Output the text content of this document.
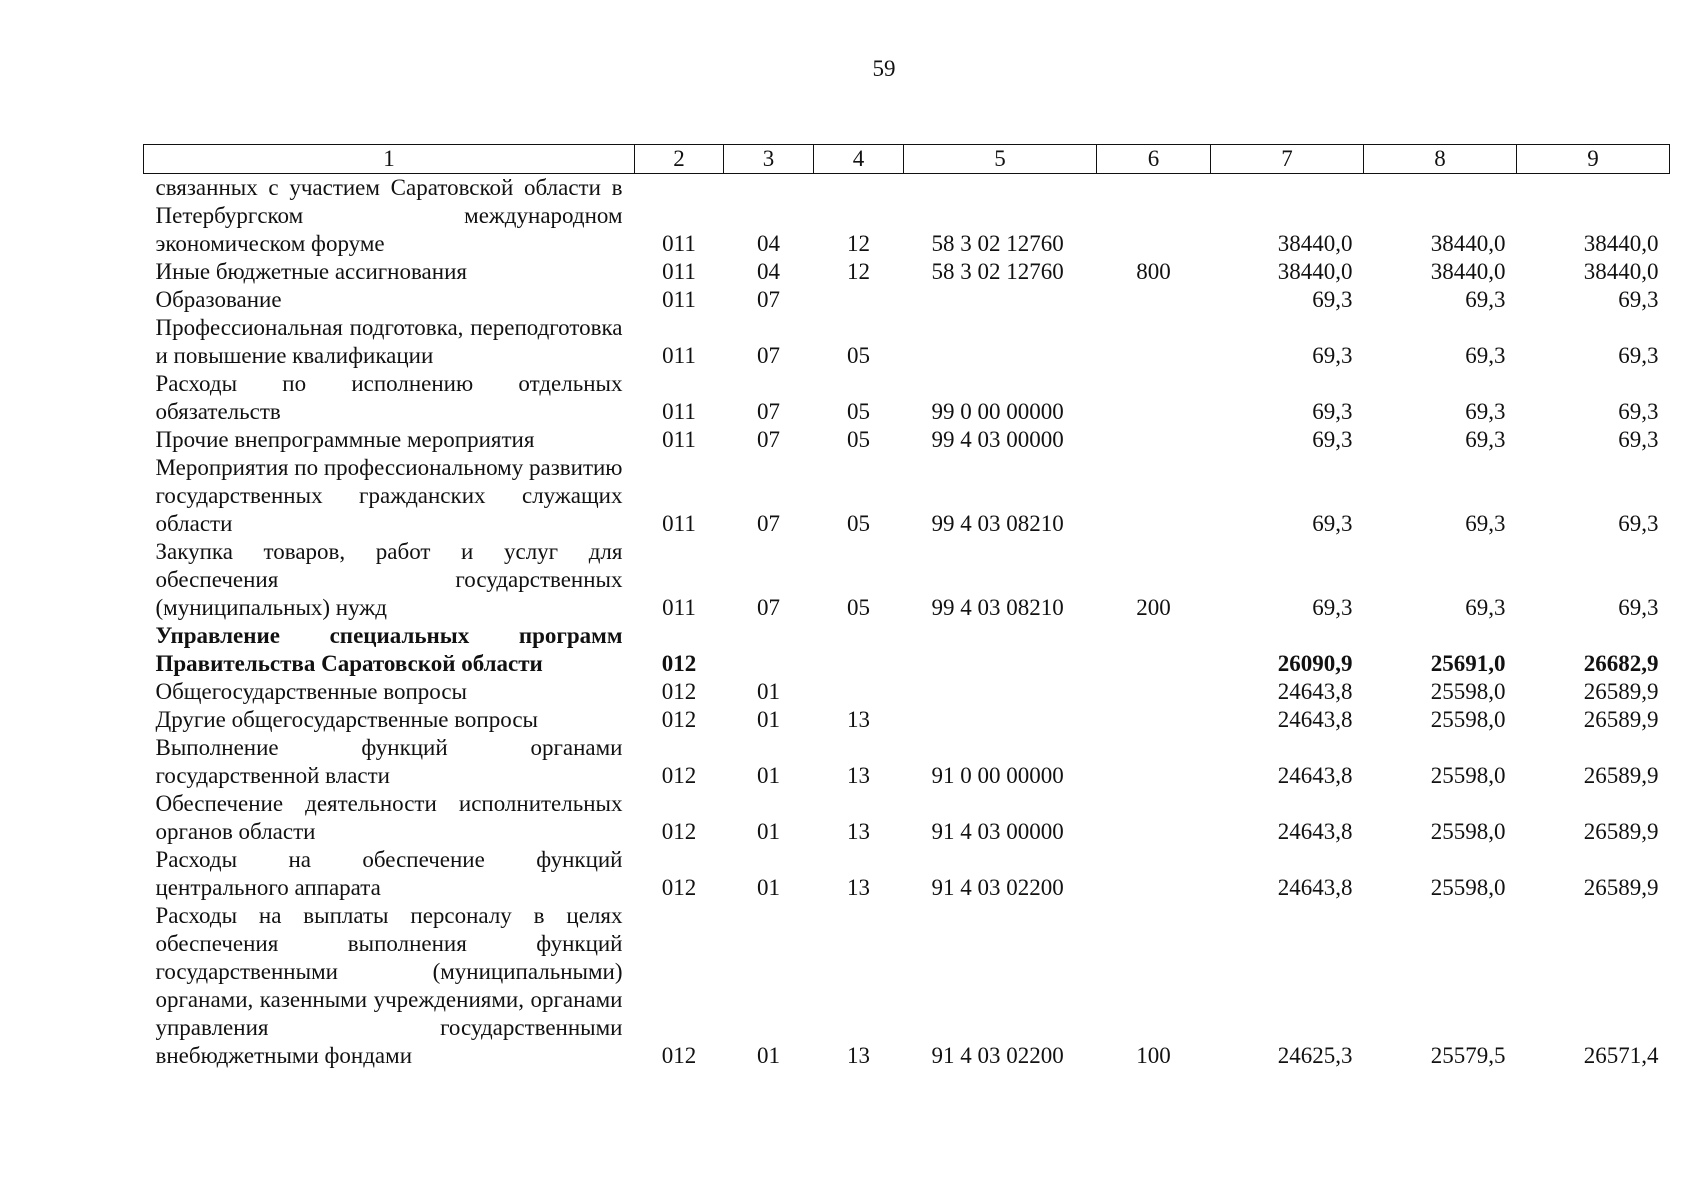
59
1	2	3	4	5	6	7	8	9
связанных с участием Саратовской области в Петербургском международном экономическом форуме	011	04	12	58 3 02 12760		38440,0	38440,0	38440,0
Иные бюджетные ассигнования	011	04	12	58 3 02 12760	800	38440,0	38440,0	38440,0
Образование	011	07				69,3	69,3	69,3
Профессиональная подготовка, переподготовка и повышение квалификации	011	07	05			69,3	69,3	69,3
Расходы по исполнению отдельных обязательств	011	07	05	99 0 00 00000		69,3	69,3	69,3
Прочие внепрограммные мероприятия	011	07	05	99 4 03 00000		69,3	69,3	69,3
Мероприятия по профессиональному развитию государственных гражданских служащих области	011	07	05	99 4 03 08210		69,3	69,3	69,3
Закупка товаров, работ и услуг для обеспечения государственных (муниципальных) нужд	011	07	05	99 4 03 08210	200	69,3	69,3	69,3
Управление специальных программ Правительства Саратовской области	012					26090,9	25691,0	26682,9
Общегосударственные вопросы	012	01				24643,8	25598,0	26589,9
Другие общегосударственные вопросы	012	01	13			24643,8	25598,0	26589,9
Выполнение функций органами государственной власти	012	01	13	91 0 00 00000		24643,8	25598,0	26589,9
Обеспечение деятельности исполнительных органов области	012	01	13	91 4 03 00000		24643,8	25598,0	26589,9
Расходы на обеспечение функций центрального аппарата	012	01	13	91 4 03 02200		24643,8	25598,0	26589,9
Расходы на выплаты персоналу в целях обеспечения выполнения функций государственными (муниципальными) органами, казенными учреждениями, органами управления государственными внебюджетными фондами	012	01	13	91 4 03 02200	100	24625,3	25579,5	26571,4
